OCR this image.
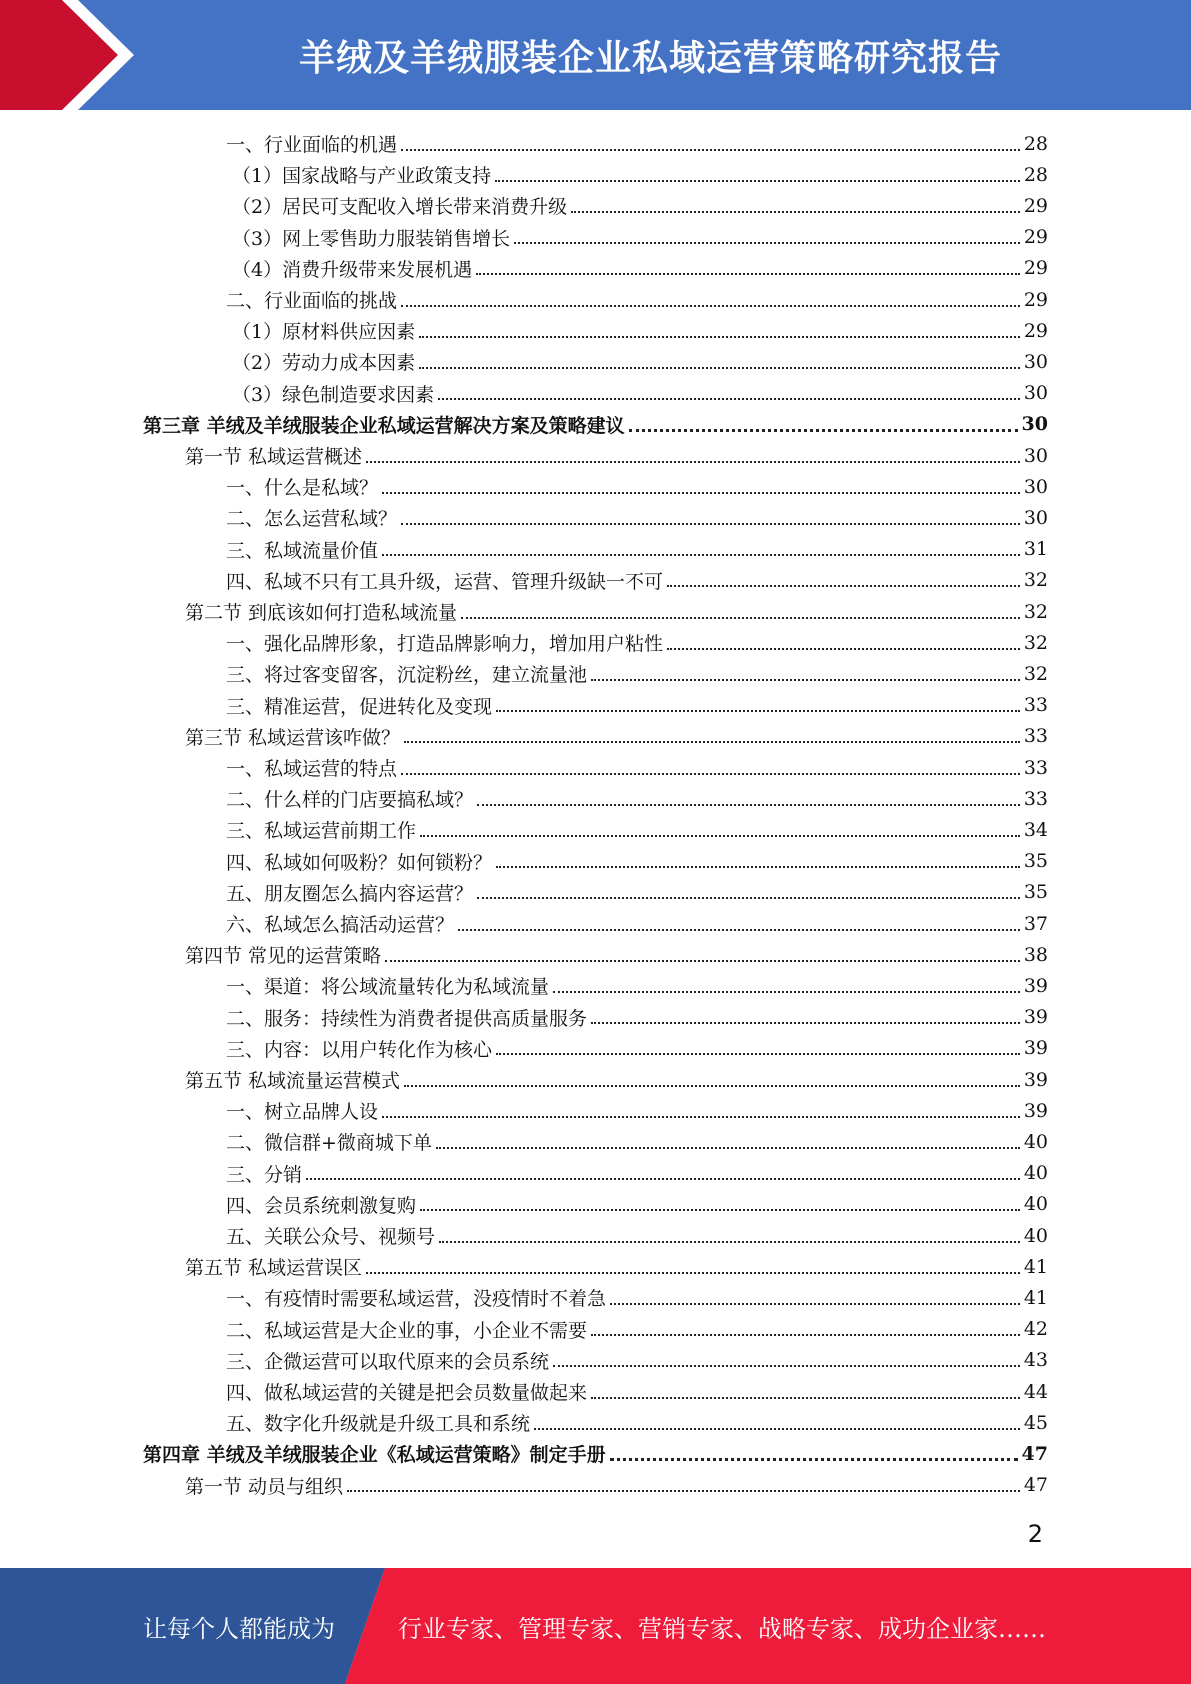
羊绒及羊绒服装企业私域运营策略研究报告
一、行业面临的机遇	28
（1）国家战略与产业政策支持	28
（2）居民可支配收入增长带来消费升级	29
（3）网上零售助力服装销售增长	29
（4）消费升级带来发展机遇	29
二、行业面临的挑战	29
（1）原材料供应因素	29
（2）劳动力成本因素	30
（3）绿色制造要求因素	30
第三章 羊绒及羊绒服装企业私域运营解决方案及策略建议	30
第一节 私域运营概述	30
一、什么是私域？	30
二、怎么运营私域？	30
三、私域流量价值	31
四、私域不只有工具升级，运营、管理升级缺一不可	32
第二节 到底该如何打造私域流量	32
一、强化品牌形象，打造品牌影响力，增加用户粘性	32
三、将过客变留客，沉淀粉丝，建立流量池	32
三、精准运营，促进转化及变现	33
第三节 私域运营该咋做？	33
一、私域运营的特点	33
二、什么样的门店要搞私域？	33
三、私域运营前期工作	34
四、私域如何吸粉？如何锁粉？	35
五、朋友圈怎么搞内容运营？	35
六、私域怎么搞活动运营？	37
第四节 常见的运营策略	38
一、渠道：将公域流量转化为私域流量	39
二、服务：持续性为消费者提供高质量服务	39
三、内容：以用户转化作为核心	39
第五节 私域流量运营模式	39
一、树立品牌人设	39
二、微信群+微商城下单	40
三、分销	40
四、会员系统刺激复购	40
五、关联公众号、视频号	40
第五节 私域运营误区	41
一、有疫情时需要私域运营，没疫情时不着急	41
二、私域运营是大企业的事，小企业不需要	42
三、企微运营可以取代原来的会员系统	43
四、做私域运营的关键是把会员数量做起来	44
五、数字化升级就是升级工具和系统	45
第四章 羊绒及羊绒服装企业《私域运营策略》制定手册	47
第一节 动员与组织	47
2
让每个人都能成为	行业专家、管理专家、营销专家、战略专家、成功企业家……
